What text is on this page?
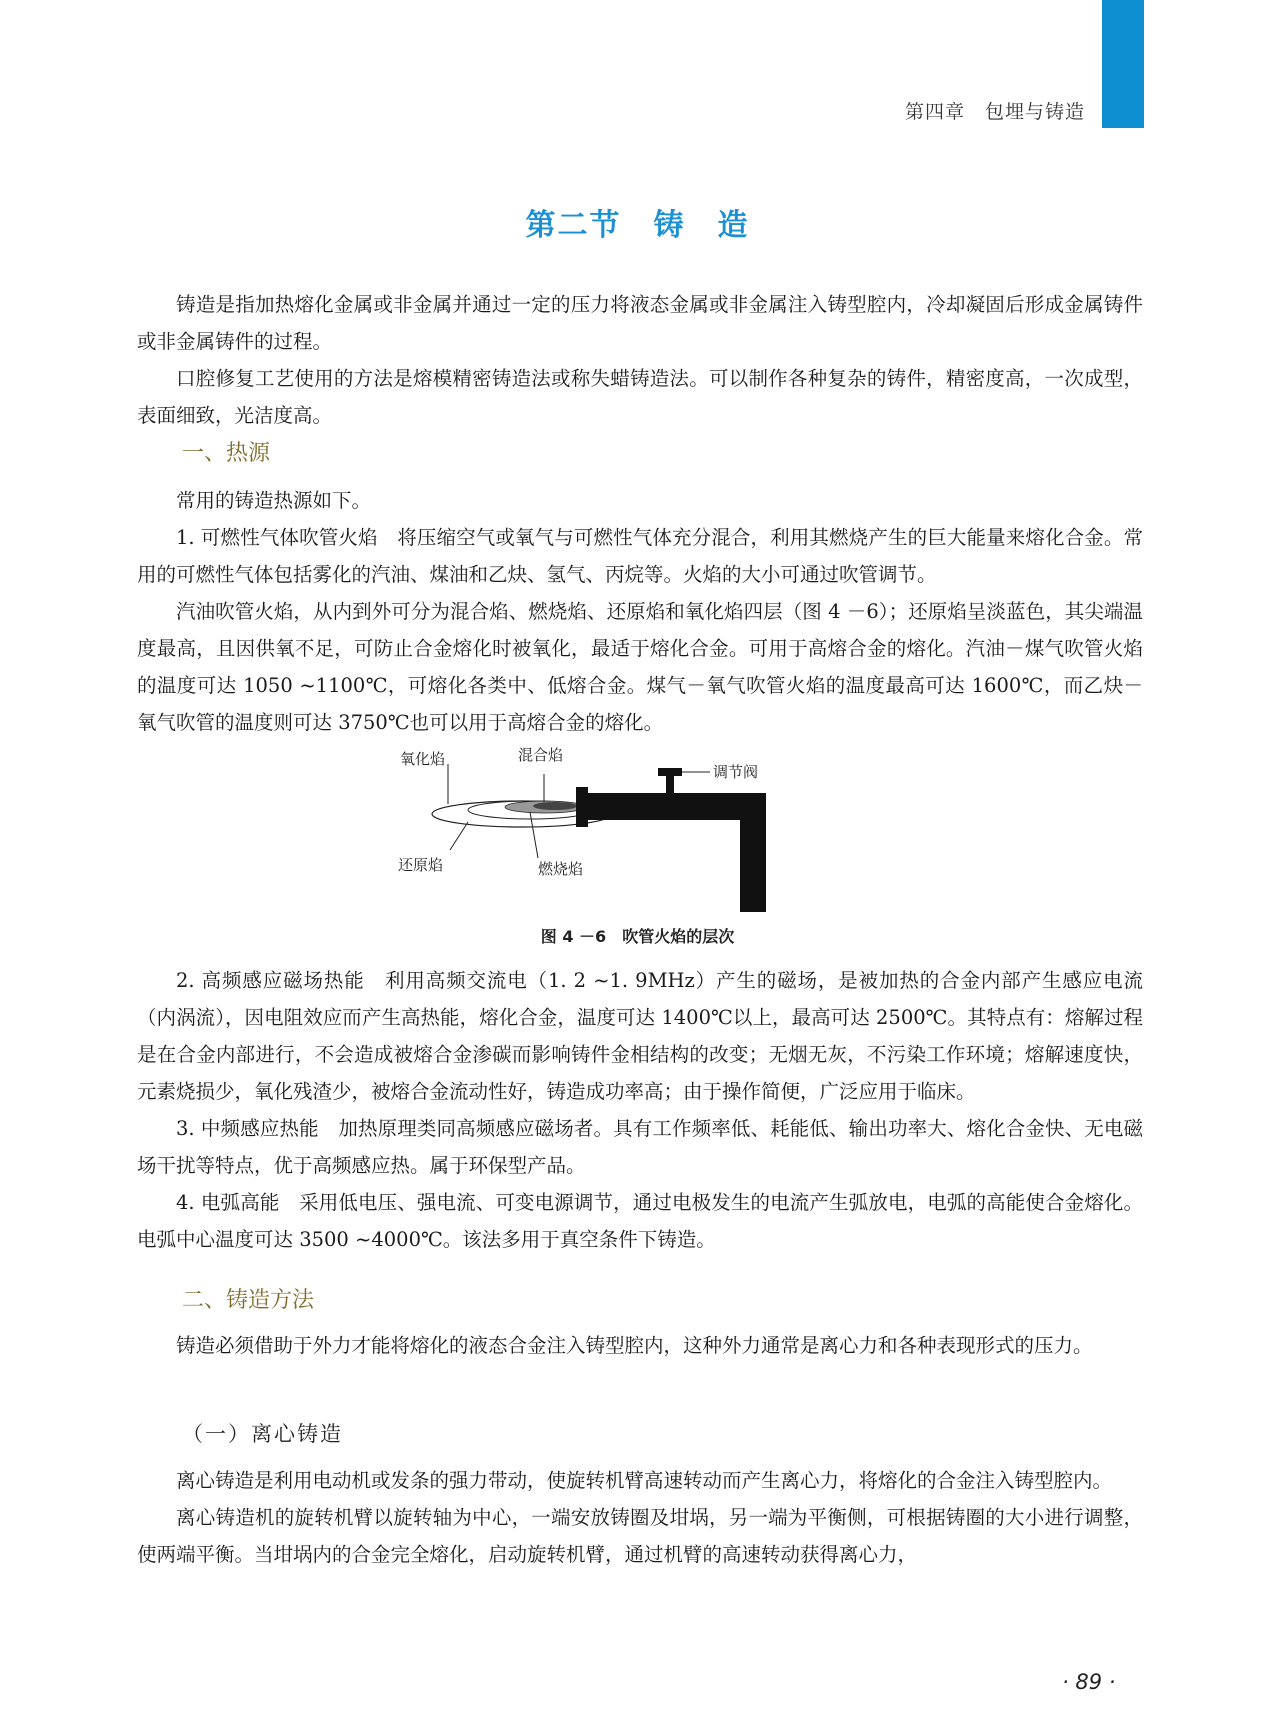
第四章　包埋与铸造
第二节　铸　造

铸造是指加热熔化金属或非金属并通过一定的压力将液态金属或非金属注入铸型腔内，冷却凝固后形成金属铸件或非金属铸件的过程。

口腔修复工艺使用的方法是熔模精密铸造法或称失蜡铸造法。可以制作各种复杂的铸件，精密度高，一次成型，表面细致，光洁度高。

一、热源

常用的铸造热源如下。

1. 可燃性气体吹管火焰　将压缩空气或氧气与可燃性气体充分混合，利用其燃烧产生的巨大能量来熔化合金。常用的可燃性气体包括雾化的汽油、煤油和乙炔、氢气、丙烷等。火焰的大小可通过吹管调节。

汽油吹管火焰，从内到外可分为混合焰、燃烧焰、还原焰和氧化焰四层（图 4 －6）；还原焰呈淡蓝色，其尖端温度最高，且因供氧不足，可防止合金熔化时被氧化，最适于熔化合金。可用于高熔合金的熔化。汽油－煤气吹管火焰的温度可达 1050 ~1100℃，可熔化各类中、低熔合金。煤气－氧气吹管火焰的温度最高可达 1600℃，而乙炔－氧气吹管的温度则可达 3750℃也可以用于高熔合金的熔化。

氧化焰	混合焰
调节阀
还原焰	燃烧焰
图 4 －6　吹管火焰的层次

2. 高频感应磁场热能　利用高频交流电（1. 2 ~1. 9MHz）产生的磁场，是被加热的合金内部产生感应电流（内涡流），因电阻效应而产生高热能，熔化合金，温度可达 1400℃以上，最高可达 2500℃。其特点有：熔解过程是在合金内部进行，不会造成被熔合金渗碳而影响铸件金相结构的改变；无烟无灰，不污染工作环境；熔解速度快，元素烧损少，氧化残渣少，被熔合金流动性好，铸造成功率高；由于操作简便，广泛应用于临床。

3. 中频感应热能　加热原理类同高频感应磁场者。具有工作频率低、耗能低、输出功率大、熔化合金快、无电磁场干扰等特点，优于高频感应热。属于环保型产品。

4. 电弧高能　采用低电压、强电流、可变电源调节，通过电极发生的电流产生弧放电，电弧的高能使合金熔化。电弧中心温度可达 3500 ~4000℃。该法多用于真空条件下铸造。

二、铸造方法

铸造必须借助于外力才能将熔化的液态合金注入铸型腔内，这种外力通常是离心力和各种表现形式的压力。

（一）离心铸造

离心铸造是利用电动机或发条的强力带动，使旋转机臂高速转动而产生离心力，将熔化的合金注入铸型腔内。

离心铸造机的旋转机臂以旋转轴为中心，一端安放铸圈及坩埚，另一端为平衡侧，可根据铸圈的大小进行调整，使两端平衡。当坩埚内的合金完全熔化，启动旋转机臂，通过机臂的高速转动获得离心力，

· 89 ·
